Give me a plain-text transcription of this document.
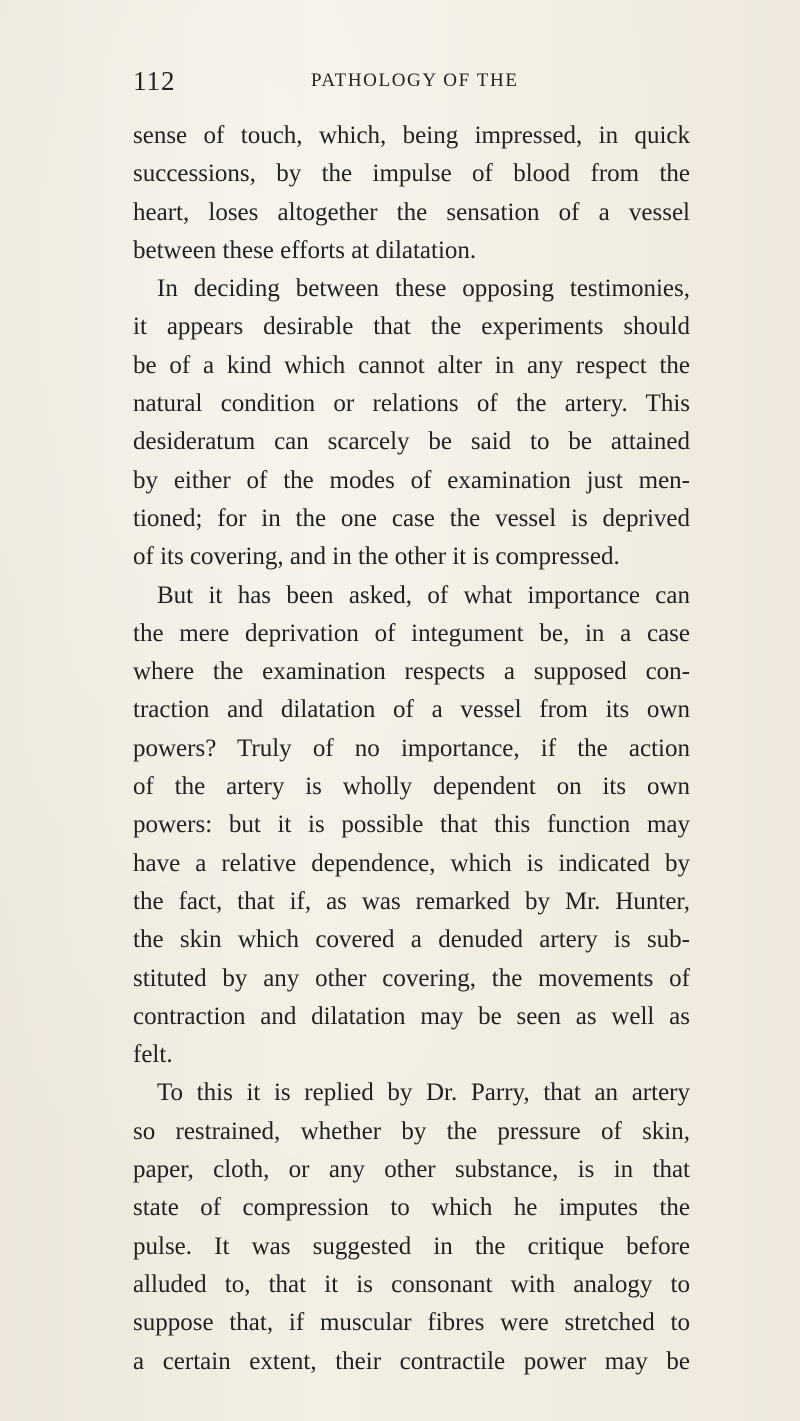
112	PATHOLOGY OF THE
sense of touch, which, being impressed, in quick
successions, by the impulse of blood from the
heart, loses altogether the sensation of a vessel
between these efforts at dilatation.
In deciding between these opposing testimonies,
it appears desirable that the experiments should
be of a kind which cannot alter in any respect the
natural condition or relations of the artery. This
desideratum can scarcely be said to be attained
by either of the modes of examination just men-
tioned; for in the one case the vessel is deprived
of its covering, and in the other it is compressed.
But it has been asked, of what importance can
the mere deprivation of integument be, in a case
where the examination respects a supposed con-
traction and dilatation of a vessel from its own
powers? Truly of no importance, if the action
of the artery is wholly dependent on its own
powers: but it is possible that this function may
have a relative dependence, which is indicated by
the fact, that if, as was remarked by Mr. Hunter,
the skin which covered a denuded artery is sub-
stituted by any other covering, the movements of
contraction and dilatation may be seen as well as
felt.
To this it is replied by Dr. Parry, that an artery
so restrained, whether by the pressure of skin,
paper, cloth, or any other substance, is in that
state of compression to which he imputes the
pulse. It was suggested in the critique before
alluded to, that it is consonant with analogy to
suppose that, if muscular fibres were stretched to
a certain extent, their contractile power may be
